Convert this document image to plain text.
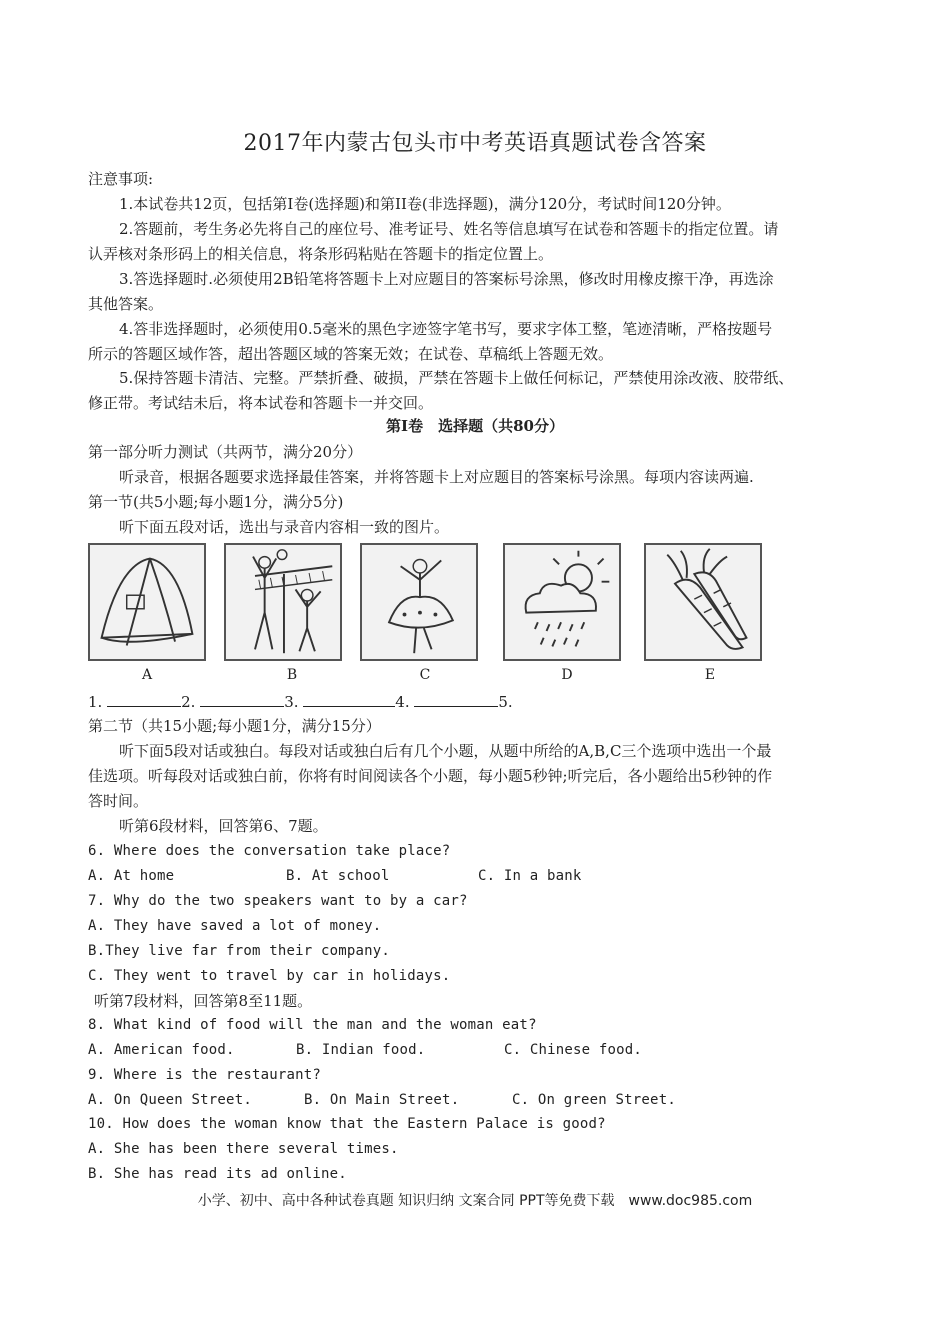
2017年内蒙古包头市中考英语真题试卷含答案
注意事项:
1.本试卷共12页，包括第Ⅰ卷(选择题)和第II卷(非选择题)，满分120分，考试时间120分钟。
2.答题前，考生务必先将自己的座位号、准考证号、姓名等信息填写在试卷和答题卡的指定位置。请
认弄核对条形码上的相关信息，将条形码粘贴在答题卡的指定位置上。
3.答选择题时.必须使用2B铅笔将答题卡上对应题目的答案标号涂黑，修改时用橡皮擦干净，再选涂
其他答案。
4.答非选择题时，必须使用0.5毫米的黑色字迹签字笔书写，要求字体工整，笔迹清晰，严格按题号
所示的答题区域作答，超出答题区域的答案无效；在试卷、草稿纸上答题无效。
5.保持答题卡清洁、完整。严禁折叠、破损，严禁在答题卡上做任何标记，严禁使用涂改液、胶带纸、
修正带。考试结未后，将本试卷和答题卡一并交回。
第Ⅰ卷　选择题（共80分）
第一部分听力测试（共两节，满分20分）
听录音，根据各题要求选择最佳答案，并将答题卡上对应题目的答案标号涂黑。每项内容读两遍.
第一节(共5小题;每小题1分，满分5分)
听下面五段对话，选出与录音内容相一致的图片。
A	B	C	D	E
1.	2.	3.	4.	5.
第二节（共15小题;每小题1分，满分15分）
听下面5段对话或独白。每段对话或独白后有几个小题，从题中所给的A,B,C三个选项中选出一个最
佳选项。听每段对话或独白前，你将有时间阅读各个小题，每小题5秒钟;听完后，各小题给出5秒钟的作
答时间。
听第6段材料，回答第6、7题。
6. Where does the conversation take place?
A. At home	B. At school	C. In a bank
7. Why do the two speakers want to by a car?
A. They have saved a lot of money.
B.They live far from their company.
C. They went to travel by car in holidays.
听第7段材料，回答第8至11题。
8. What kind of food will the man and the woman eat?
A. American food.	B. Indian food.	C. Chinese food.
9. Where is the restaurant?
A. On Queen Street.	B. On Main Street.	C. On green Street.
10. How does the woman know that the Eastern Palace is good?
A. She has been there several times.
B. She has read its ad online.
小学、初中、高中各种试卷真题 知识归纳 文案合同 PPT等免费下载　www.doc985.com
